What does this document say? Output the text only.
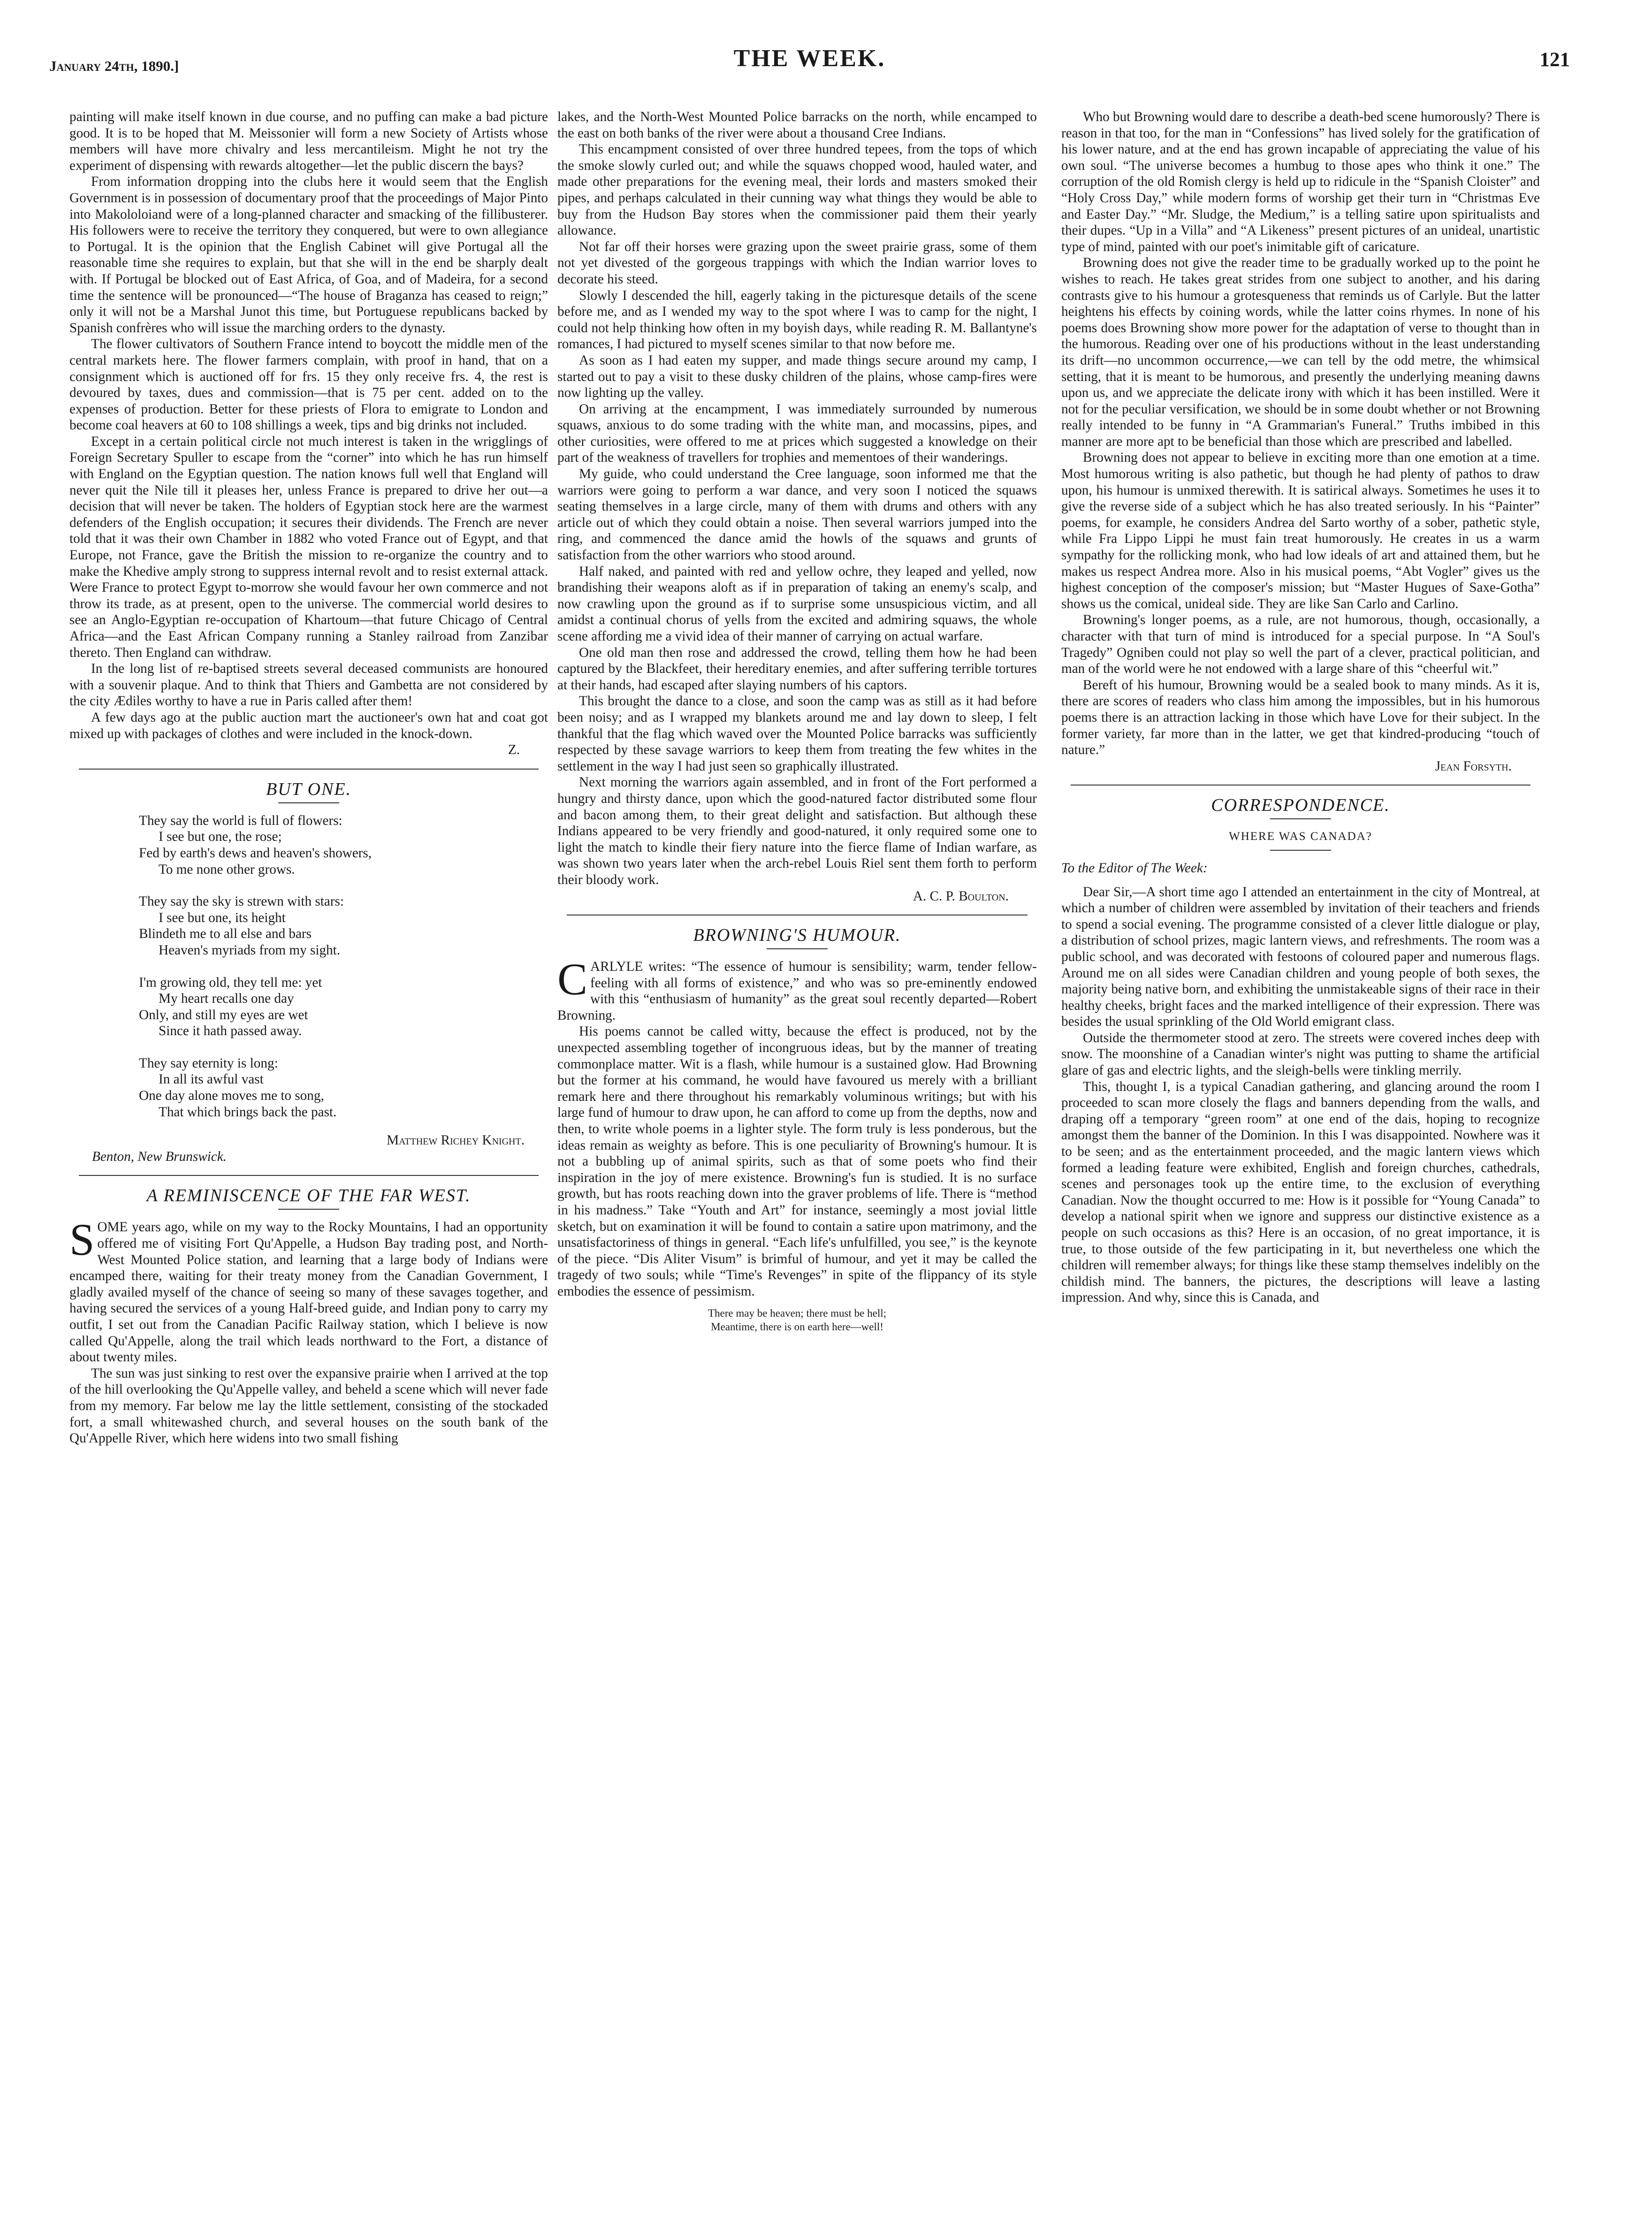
January 24th, 1890.]	THE WEEK.	121

painting will make itself known in due course, and no puffing can make a bad picture good. It is to be hoped that M. Meissonier will form a new Society of Artists whose members will have more chivalry and less mercantileism. Might he not try the experiment of dispensing with rewards altogether—let the public discern the bays?

From information dropping into the clubs here it would seem that the English Government is in possession of documentary proof that the proceedings of Major Pinto into Makololoiand were of a long-planned character and smacking of the fillibusterer. His followers were to receive the territory they conquered, but were to own allegiance to Portugal. It is the opinion that the English Cabinet will give Portugal all the reasonable time she requires to explain, but that she will in the end be sharply dealt with. If Portugal be blocked out of East Africa, of Goa, and of Madeira, for a second time the sentence will be pronounced—“The house of Braganza has ceased to reign;” only it will not be a Marshal Junot this time, but Portuguese republicans backed by Spanish confrères who will issue the marching orders to the dynasty.

The flower cultivators of Southern France intend to boycott the middle men of the central markets here. The flower farmers complain, with proof in hand, that on a consignment which is auctioned off for frs. 15 they only receive frs. 4, the rest is devoured by taxes, dues and commission—that is 75 per cent. added on to the expenses of production. Better for these priests of Flora to emigrate to London and become coal heavers at 60 to 108 shillings a week, tips and big drinks not included.

Except in a certain political circle not much interest is taken in the wrigglings of Foreign Secretary Spuller to escape from the “corner” into which he has run himself with England on the Egyptian question. The nation knows full well that England will never quit the Nile till it pleases her, unless France is prepared to drive her out—a decision that will never be taken. The holders of Egyptian stock here are the warmest defenders of the English occupation; it secures their dividends. The French are never told that it was their own Chamber in 1882 who voted France out of Egypt, and that Europe, not France, gave the British the mission to re-organize the country and to make the Khedive amply strong to suppress internal revolt and to resist external attack. Were France to protect Egypt to-morrow she would favour her own commerce and not throw its trade, as at present, open to the universe. The commercial world desires to see an Anglo-Egyptian re-occupation of Khartoum—that future Chicago of Central Africa—and the East African Company running a Stanley railroad from Zanzibar thereto. Then England can withdraw.

In the long list of re-baptised streets several deceased communists are honoured with a souvenir plaque. And to think that Thiers and Gambetta are not considered by the city Ædiles worthy to have a rue in Paris called after them!

A few days ago at the public auction mart the auctioneer's own hat and coat got mixed up with packages of clothes and were included in the knock-down.

Z.
BUT ONE.
They say the world is full of flowers:
I see but one, the rose;
Fed by earth's dews and heaven's showers,
To me none other grows.
They say the sky is strewn with stars:
I see but one, its height
Blindeth me to all else and bars
Heaven's myriads from my sight.
I'm growing old, they tell me: yet
My heart recalls one day
Only, and still my eyes are wet
Since it hath passed away.
They say eternity is long:
In all its awful vast
One day alone moves me to song,
That which brings back the past.
Matthew Richey Knight.
Benton, New Brunswick.
A REMINISCENCE OF THE FAR WEST.

SOME years ago, while on my way to the Rocky Mountains, I had an opportunity offered me of visiting Fort Qu'Appelle, a Hudson Bay trading post, and North-West Mounted Police station, and learning that a large body of Indians were encamped there, waiting for their treaty money from the Canadian Government, I gladly availed myself of the chance of seeing so many of these savages together, and having secured the services of a young Half-breed guide, and Indian pony to carry my outfit, I set out from the Canadian Pacific Railway station, which I believe is now called Qu'Appelle, along the trail which leads northward to the Fort, a distance of about twenty miles.

The sun was just sinking to rest over the expansive prairie when I arrived at the top of the hill overlooking the Qu'Appelle valley, and beheld a scene which will never fade from my memory. Far below me lay the little settlement, consisting of the stockaded fort, a small whitewashed church, and several houses on the south bank of the Qu'Appelle River, which here widens into two small fishing

lakes, and the North-West Mounted Police barracks on the north, while encamped to the east on both banks of the river were about a thousand Cree Indians.

This encampment consisted of over three hundred tepees, from the tops of which the smoke slowly curled out; and while the squaws chopped wood, hauled water, and made other preparations for the evening meal, their lords and masters smoked their pipes, and perhaps calculated in their cunning way what things they would be able to buy from the Hudson Bay stores when the commissioner paid them their yearly allowance.

Not far off their horses were grazing upon the sweet prairie grass, some of them not yet divested of the gorgeous trappings with which the Indian warrior loves to decorate his steed.

Slowly I descended the hill, eagerly taking in the picturesque details of the scene before me, and as I wended my way to the spot where I was to camp for the night, I could not help thinking how often in my boyish days, while reading R. M. Ballantyne's romances, I had pictured to myself scenes similar to that now before me.

As soon as I had eaten my supper, and made things secure around my camp, I started out to pay a visit to these dusky children of the plains, whose camp-fires were now lighting up the valley.

On arriving at the encampment, I was immediately surrounded by numerous squaws, anxious to do some trading with the white man, and mocassins, pipes, and other curiosities, were offered to me at prices which suggested a knowledge on their part of the weakness of travellers for trophies and mementoes of their wanderings.

My guide, who could understand the Cree language, soon informed me that the warriors were going to perform a war dance, and very soon I noticed the squaws seating themselves in a large circle, many of them with drums and others with any article out of which they could obtain a noise. Then several warriors jumped into the ring, and commenced the dance amid the howls of the squaws and grunts of satisfaction from the other warriors who stood around.

Half naked, and painted with red and yellow ochre, they leaped and yelled, now brandishing their weapons aloft as if in preparation of taking an enemy's scalp, and now crawling upon the ground as if to surprise some unsuspicious victim, and all amidst a continual chorus of yells from the excited and admiring squaws, the whole scene affording me a vivid idea of their manner of carrying on actual warfare.

One old man then rose and addressed the crowd, telling them how he had been captured by the Blackfeet, their hereditary enemies, and after suffering terrible tortures at their hands, had escaped after slaying numbers of his captors.

This brought the dance to a close, and soon the camp was as still as it had before been noisy; and as I wrapped my blankets around me and lay down to sleep, I felt thankful that the flag which waved over the Mounted Police barracks was sufficiently respected by these savage warriors to keep them from treating the few whites in the settlement in the way I had just seen so graphically illustrated.

Next morning the warriors again assembled, and in front of the Fort performed a hungry and thirsty dance, upon which the good-natured factor distributed some flour and bacon among them, to their great delight and satisfaction. But although these Indians appeared to be very friendly and good-natured, it only required some one to light the match to kindle their fiery nature into the fierce flame of Indian warfare, as was shown two years later when the arch-rebel Louis Riel sent them forth to perform their bloody work.

A. C. P. Boulton.
BROWNING'S HUMOUR.

CARLYLE writes: “The essence of humour is sensibility; warm, tender fellow-feeling with all forms of existence,” and who was so pre-eminently endowed with this “enthusiasm of humanity” as the great soul recently departed—Robert Browning.

His poems cannot be called witty, because the effect is produced, not by the unexpected assembling together of incongruous ideas, but by the manner of treating commonplace matter. Wit is a flash, while humour is a sustained glow. Had Browning but the former at his command, he would have favoured us merely with a brilliant remark here and there throughout his remarkably voluminous writings; but with his large fund of humour to draw upon, he can afford to come up from the depths, now and then, to write whole poems in a lighter style. The form truly is less ponderous, but the ideas remain as weighty as before. This is one peculiarity of Browning's humour. It is not a bubbling up of animal spirits, such as that of some poets who find their inspiration in the joy of mere existence. Browning's fun is studied. It is no surface growth, but has roots reaching down into the graver problems of life. There is “method in his madness.” Take “Youth and Art” for instance, seemingly a most jovial little sketch, but on examination it will be found to contain a satire upon matrimony, and the unsatisfactoriness of things in general. “Each life's unfulfilled, you see,” is the keynote of the piece. “Dis Aliter Visum” is brimful of humour, and yet it may be called the tragedy of two souls; while “Time's Revenges” in spite of the flippancy of its style embodies the essence of pessimism.

There may be heaven; there must be hell;
Meantime, there is on earth here—well!

Who but Browning would dare to describe a death-bed scene humorously? There is reason in that too, for the man in “Confessions” has lived solely for the gratification of his lower nature, and at the end has grown incapable of appreciating the value of his own soul. “The universe becomes a humbug to those apes who think it one.” The corruption of the old Romish clergy is held up to ridicule in the “Spanish Cloister” and “Holy Cross Day,” while modern forms of worship get their turn in “Christmas Eve and Easter Day.” “Mr. Sludge, the Medium,” is a telling satire upon spiritualists and their dupes. “Up in a Villa” and “A Likeness” present pictures of an unideal, unartistic type of mind, painted with our poet's inimitable gift of caricature.

Browning does not give the reader time to be gradually worked up to the point he wishes to reach. He takes great strides from one subject to another, and his daring contrasts give to his humour a grotesqueness that reminds us of Carlyle. But the latter heightens his effects by coining words, while the latter coins rhymes. In none of his poems does Browning show more power for the adaptation of verse to thought than in the humorous. Reading over one of his productions without in the least understanding its drift—no uncommon occurrence,—we can tell by the odd metre, the whimsical setting, that it is meant to be humorous, and presently the underlying meaning dawns upon us, and we appreciate the delicate irony with which it has been instilled. Were it not for the peculiar versification, we should be in some doubt whether or not Browning really intended to be funny in “A Grammarian's Funeral.” Truths imbibed in this manner are more apt to be beneficial than those which are prescribed and labelled.

Browning does not appear to believe in exciting more than one emotion at a time. Most humorous writing is also pathetic, but though he had plenty of pathos to draw upon, his humour is unmixed therewith. It is satirical always. Sometimes he uses it to give the reverse side of a subject which he has also treated seriously. In his “Painter” poems, for example, he considers Andrea del Sarto worthy of a sober, pathetic style, while Fra Lippo Lippi he must fain treat humorously. He creates in us a warm sympathy for the rollicking monk, who had low ideals of art and attained them, but he makes us respect Andrea more. Also in his musical poems, “Abt Vogler” gives us the highest conception of the composer's mission; but “Master Hugues of Saxe-Gotha” shows us the comical, unideal side. They are like San Carlo and Carlino.

Browning's longer poems, as a rule, are not humorous, though, occasionally, a character with that turn of mind is introduced for a special purpose. In “A Soul's Tragedy” Ogniben could not play so well the part of a clever, practical politician, and man of the world were he not endowed with a large share of this “cheerful wit.”

Bereft of his humour, Browning would be a sealed book to many minds. As it is, there are scores of readers who class him among the impossibles, but in his humorous poems there is an attraction lacking in those which have Love for their subject. In the former variety, far more than in the latter, we get that kindred-producing “touch of nature.”

Jean Forsyth.
CORRESPONDENCE.
WHERE WAS CANADA?

To the Editor of The Week:

Dear Sir,—A short time ago I attended an entertainment in the city of Montreal, at which a number of children were assembled by invitation of their teachers and friends to spend a social evening. The programme consisted of a clever little dialogue or play, a distribution of school prizes, magic lantern views, and refreshments. The room was a public school, and was decorated with festoons of coloured paper and numerous flags. Around me on all sides were Canadian children and young people of both sexes, the majority being native born, and exhibiting the unmistakeable signs of their race in their healthy cheeks, bright faces and the marked intelligence of their expression. There was besides the usual sprinkling of the Old World emigrant class.

Outside the thermometer stood at zero. The streets were covered inches deep with snow. The moonshine of a Canadian winter's night was putting to shame the artificial glare of gas and electric lights, and the sleigh-bells were tinkling merrily.

This, thought I, is a typical Canadian gathering, and glancing around the room I proceeded to scan more closely the flags and banners depending from the walls, and draping off a temporary “green room” at one end of the dais, hoping to recognize amongst them the banner of the Dominion. In this I was disappointed. Nowhere was it to be seen; and as the entertainment proceeded, and the magic lantern views which formed a leading feature were exhibited, English and foreign churches, cathedrals, scenes and personages took up the entire time, to the exclusion of everything Canadian. Now the thought occurred to me: How is it possible for “Young Canada” to develop a national spirit when we ignore and suppress our distinctive existence as a people on such occasions as this? Here is an occasion, of no great importance, it is true, to those outside of the few participating in it, but nevertheless one which the children will remember always; for things like these stamp themselves indelibly on the childish mind. The banners, the pictures, the descriptions will leave a lasting impression. And why, since this is Canada, and
